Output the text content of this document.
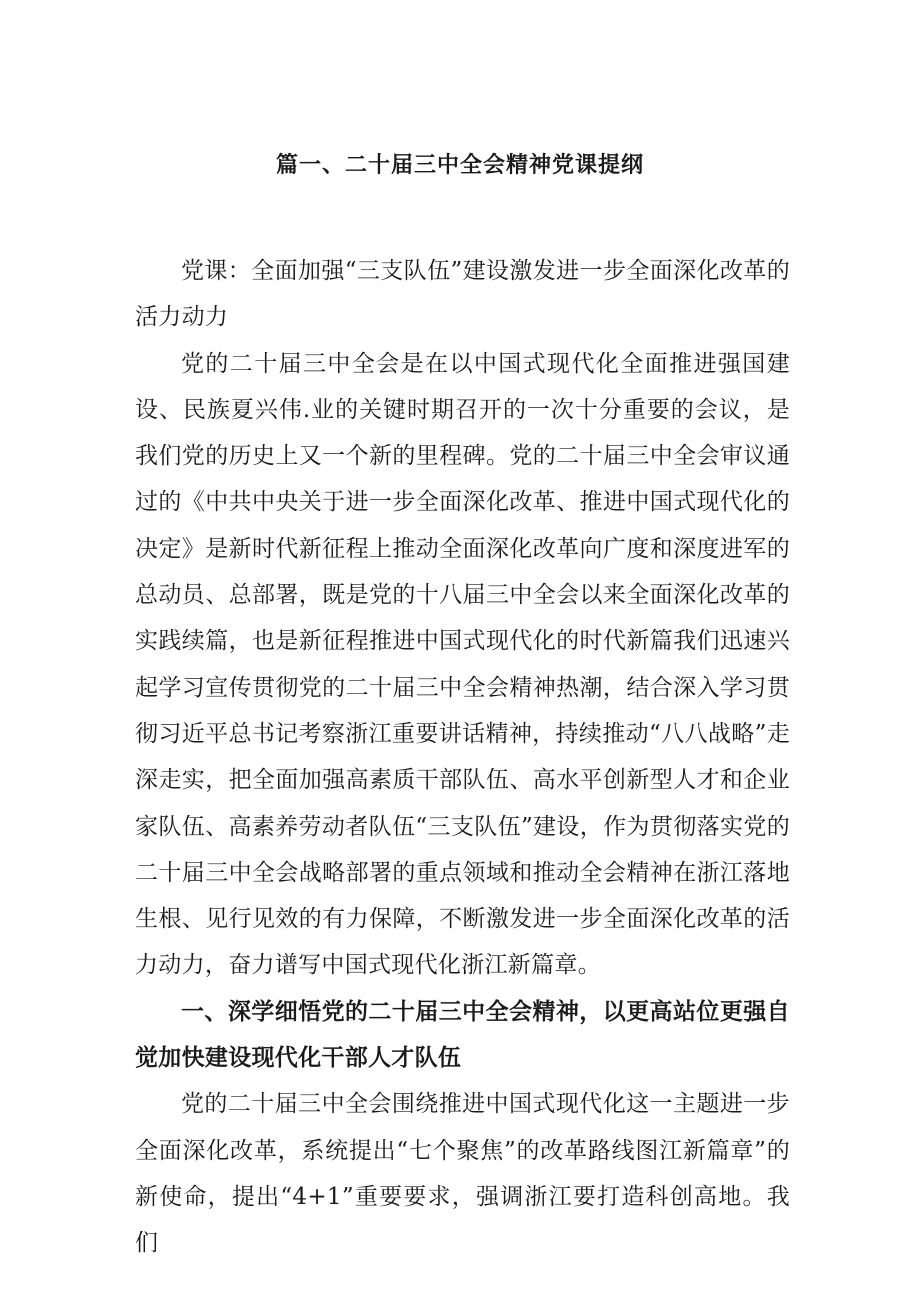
篇一、二十届三中全会精神党课提纲

党课：全面加强“三支队伍”建设激发进一步全面深化改革的活力动力

党的二十届三中全会是在以中国式现代化全面推进强国建设、民族夏兴伟.业的关键时期召开的一次十分重要的会议，是我们党的历史上又一个新的里程碑。党的二十届三中全会审议通过的《中共中央关于进一步全面深化改革、推进中国式现代化的决定》是新时代新征程上推动全面深化改革向广度和深度进军的总动员、总部署，既是党的十八届三中全会以来全面深化改革的实践续篇，也是新征程推进中国式现代化的时代新篇我们迅速兴起学习宣传贯彻党的二十届三中全会精神热潮，结合深入学习贯彻习近平总书记考察浙江重要讲话精神，持续推动“八八战略”走深走实，把全面加强高素质干部队伍、高水平创新型人才和企业家队伍、高素养劳动者队伍“三支队伍”建设，作为贯彻落实党的二十届三中全会战略部署的重点领域和推动全会精神在浙江落地生根、见行见效的有力保障，不断激发进一步全面深化改革的活力动力，奋力谱写中国式现代化浙江新篇章。

一、深学细悟党的二十届三中全会精神，以更高站位更强自觉加快建设现代化干部人才队伍

党的二十届三中全会围绕推进中国式现代化这一主题进一步全面深化改革，系统提出“七个聚焦”的改革路线图江新篇章”的新使命，提出“4+1”重要要求，强调浙江要打造科创高地。我们
